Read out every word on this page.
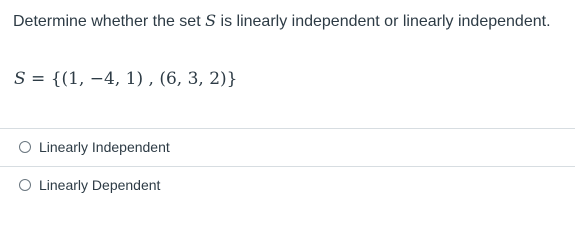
Determine whether the set S is linearly independent or linearly independent.
S = {(1, −4, 1) , (6, 3, 2)}
Linearly Independent
Linearly Dependent
